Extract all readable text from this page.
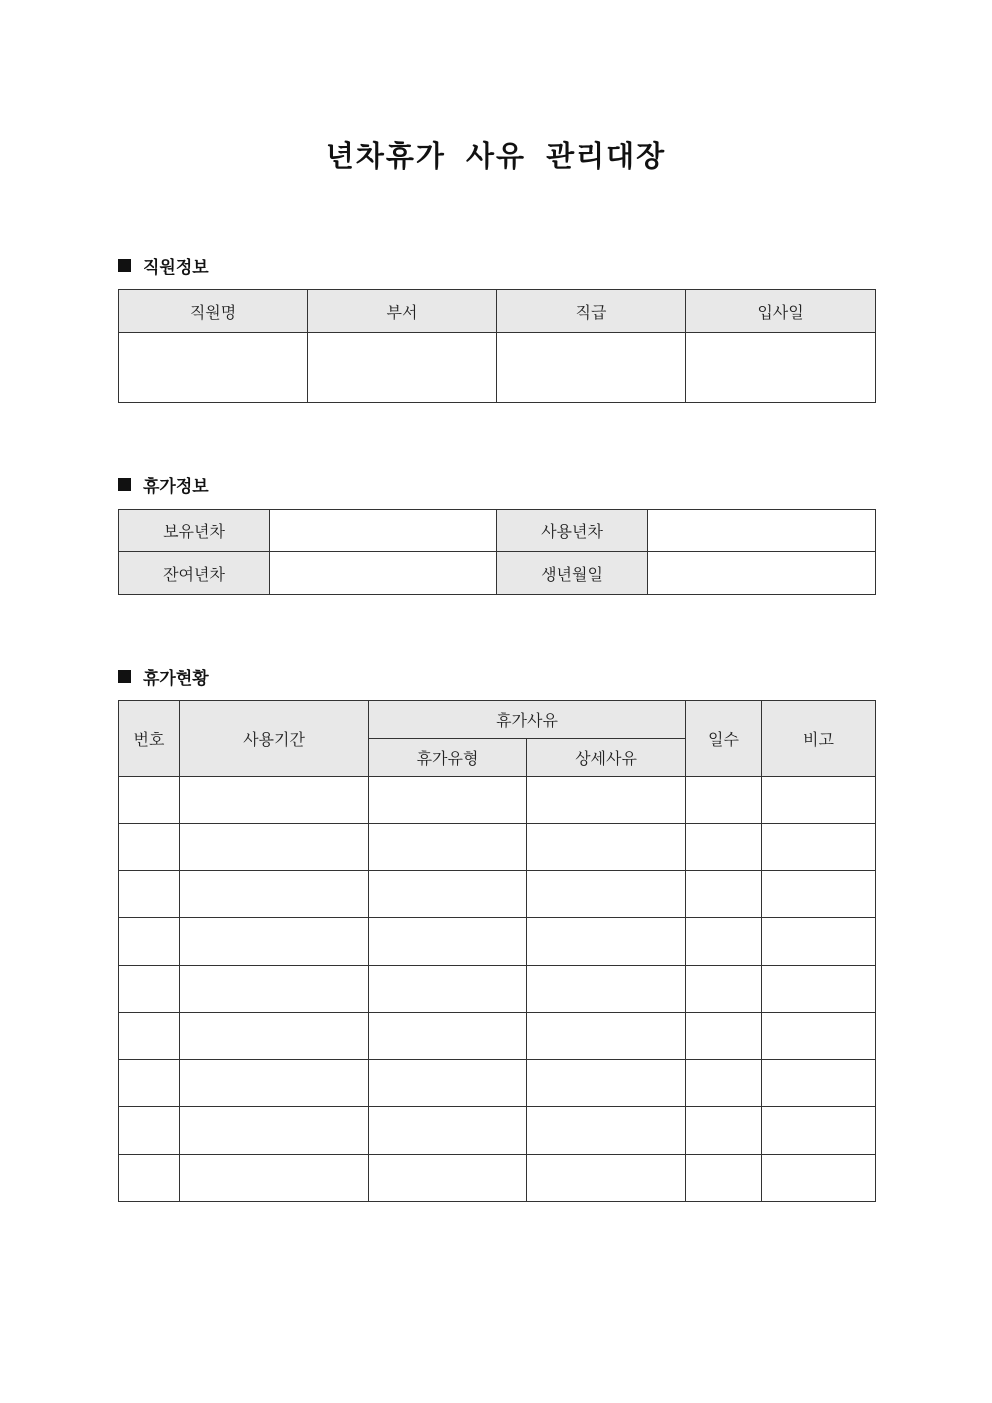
년차휴가 사유 관리대장
직원정보
직원명	부서	직급	입사일

휴가정보
보유년차		사용년차	
잔여년차		생년월일	
휴가현황
번호	사용기간	휴가사유		일수	비고
		휴가유형	상세사유		
